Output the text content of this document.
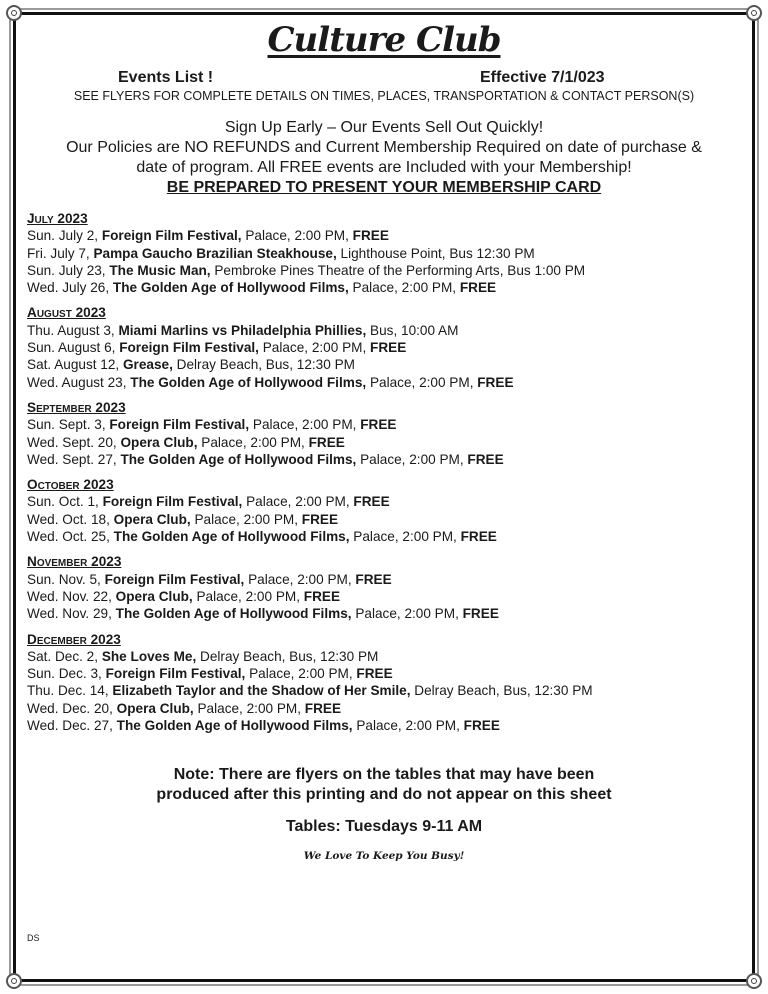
Culture Club
Events List !	Effective 7/1/023
SEE FLYERS FOR COMPLETE DETAILS ON TIMES, PLACES, TRANSPORTATION & CONTACT PERSON(S)
Sign Up Early – Our Events Sell Out Quickly!
Our Policies are NO REFUNDS and Current Membership Required on date of purchase &
date of program. All FREE events are Included with your Membership!
BE PREPARED TO PRESENT YOUR MEMBERSHIP CARD
July 2023
Sun. July 2, Foreign Film Festival, Palace, 2:00 PM, FREE
Fri. July 7, Pampa Gaucho Brazilian Steakhouse, Lighthouse Point, Bus 12:30 PM
Sun. July 23, The Music Man, Pembroke Pines Theatre of the Performing Arts, Bus 1:00 PM
Wed. July 26, The Golden Age of Hollywood Films, Palace, 2:00 PM, FREE
August 2023
Thu. August 3, Miami Marlins vs Philadelphia Phillies, Bus, 10:00 AM
Sun. August 6, Foreign Film Festival, Palace, 2:00 PM, FREE
Sat. August 12, Grease, Delray Beach, Bus, 12:30 PM
Wed. August 23, The Golden Age of Hollywood Films, Palace, 2:00 PM, FREE
September 2023
Sun. Sept. 3, Foreign Film Festival, Palace, 2:00 PM, FREE
Wed. Sept. 20, Opera Club, Palace, 2:00 PM, FREE
Wed. Sept. 27, The Golden Age of Hollywood Films, Palace, 2:00 PM, FREE
October 2023
Sun. Oct. 1, Foreign Film Festival, Palace, 2:00 PM, FREE
Wed. Oct. 18, Opera Club, Palace, 2:00 PM, FREE
Wed. Oct. 25, The Golden Age of Hollywood Films, Palace, 2:00 PM, FREE
November 2023
Sun. Nov. 5, Foreign Film Festival, Palace, 2:00 PM, FREE
Wed. Nov. 22, Opera Club, Palace, 2:00 PM, FREE
Wed. Nov. 29, The Golden Age of Hollywood Films, Palace, 2:00 PM, FREE
December 2023
Sat. Dec. 2, She Loves Me, Delray Beach, Bus, 12:30 PM
Sun. Dec. 3, Foreign Film Festival, Palace, 2:00 PM, FREE
Thu. Dec. 14, Elizabeth Taylor and the Shadow of Her Smile, Delray Beach, Bus, 12:30 PM
Wed. Dec. 20, Opera Club, Palace, 2:00 PM, FREE
Wed. Dec. 27, The Golden Age of Hollywood Films, Palace, 2:00 PM, FREE
Note: There are flyers on the tables that may have been
produced after this printing and do not appear on this sheet
Tables: Tuesdays 9-11 AM
We Love To Keep You Busy!
DS
